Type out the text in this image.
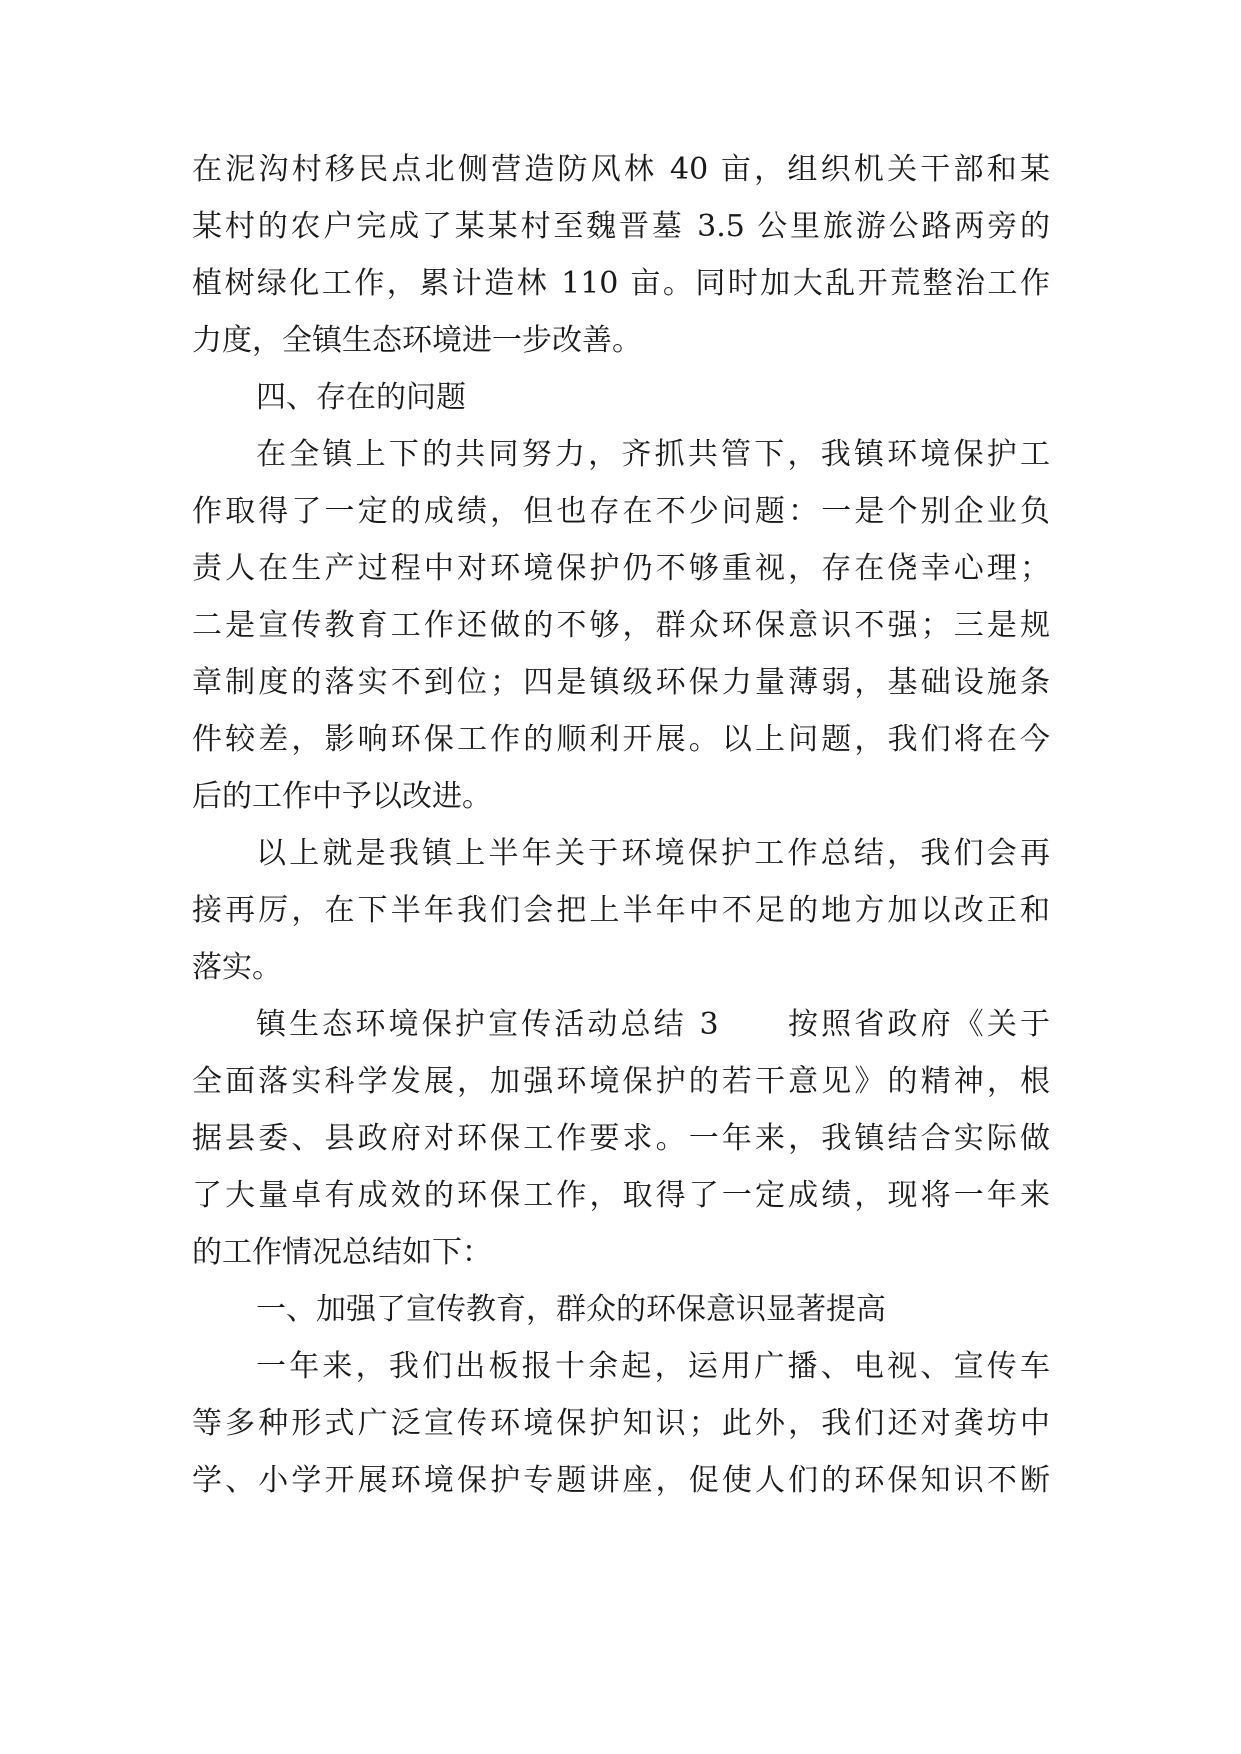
在泥沟村移民点北侧营造防风林 40 亩，组织机关干部和某
某村的农户完成了某某村至魏晋墓 3.5 公里旅游公路两旁的
植树绿化工作，累计造林 110 亩。同时加大乱开荒整治工作
力度，全镇生态环境进一步改善。
四、存在的问题
在全镇上下的共同努力，齐抓共管下，我镇环境保护工
作取得了一定的成绩，但也存在不少问题：一是个别企业负
责人在生产过程中对环境保护仍不够重视，存在侥幸心理；
二是宣传教育工作还做的不够，群众环保意识不强；三是规
章制度的落实不到位；四是镇级环保力量薄弱，基础设施条
件较差，影响环保工作的顺利开展。以上问题，我们将在今
后的工作中予以改进。
以上就是我镇上半年关于环境保护工作总结，我们会再
接再厉，在下半年我们会把上半年中不足的地方加以改正和
落实。
镇生态环境保护宣传活动总结 3　　按照省政府《关于
全面落实科学发展，加强环境保护的若干意见》的精神，根
据县委、县政府对环保工作要求。一年来，我镇结合实际做
了大量卓有成效的环保工作，取得了一定成绩，现将一年来
的工作情况总结如下：
一、加强了宣传教育，群众的环保意识显著提高
一年来，我们出板报十余起，运用广播、电视、宣传车
等多种形式广泛宣传环境保护知识；此外，我们还对龚坊中
学、小学开展环境保护专题讲座，促使人们的环保知识不断
